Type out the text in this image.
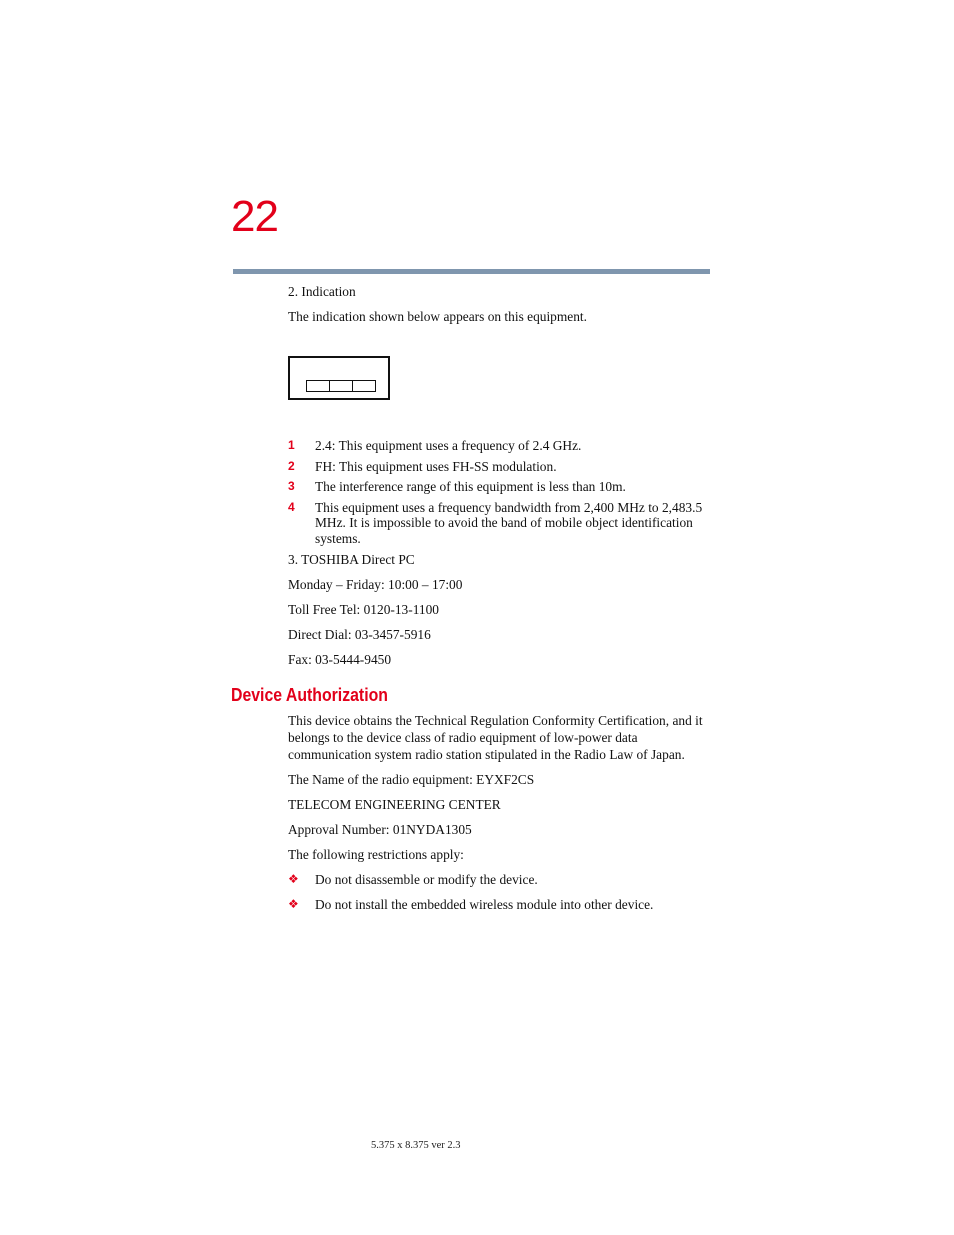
22

2. Indication

The indication shown below appears on this equipment.

1 2.4: This equipment uses a frequency of 2.4 GHz.
2 FH: This equipment uses FH-SS modulation.
3 The interference range of this equipment is less than 10m.
4 This equipment uses a frequency bandwidth from 2,400 MHz to 2,483.5 MHz. It is impossible to avoid the band of mobile object identification systems.

3. TOSHIBA Direct PC

Monday – Friday: 10:00 – 17:00

Toll Free Tel: 0120-13-1100

Direct Dial: 03-3457-5916

Fax: 03-5444-9450

Device Authorization

This device obtains the Technical Regulation Conformity Certification, and it belongs to the device class of radio equipment of low-power data communication system radio station stipulated in the Radio Law of Japan.

The Name of the radio equipment: EYXF2CS

TELECOM ENGINEERING CENTER

Approval Number: 01NYDA1305

The following restrictions apply:

❖ Do not disassemble or modify the device.
❖ Do not install the embedded wireless module into other device.
5.375 x 8.375 ver 2.3
